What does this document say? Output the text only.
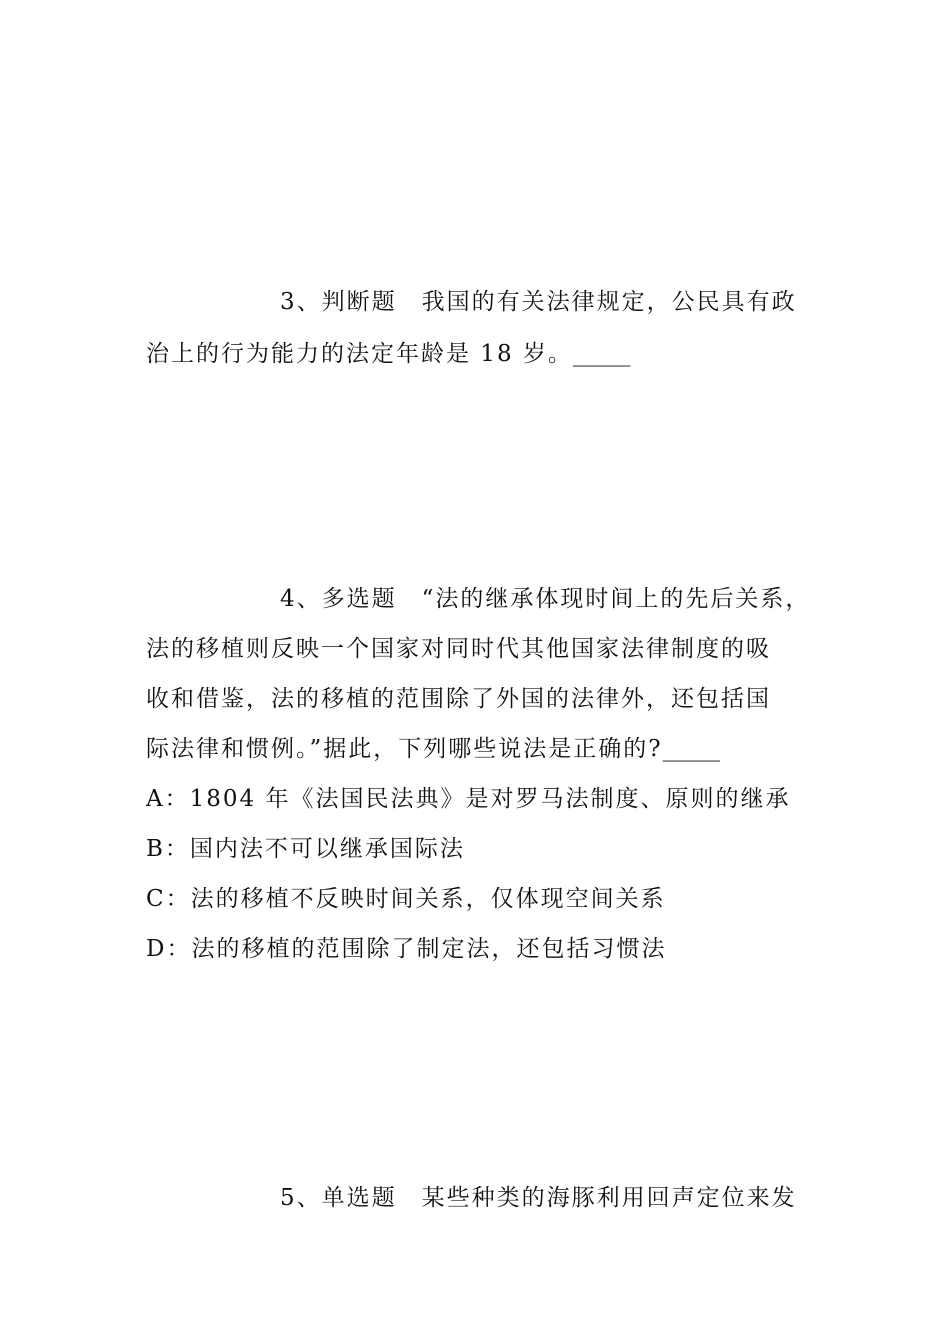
3、判断题　我国的有关法律规定，公民具有政
治上的行为能力的法定年龄是 18 岁。_____
4、多选题　“法的继承体现时间上的先后关系，
法的移植则反映一个国家对同时代其他国家法律制度的吸
收和借鉴，法的移植的范围除了外国的法律外，还包括国
际法律和惯例。”据此，下列哪些说法是正确的?_____
A：1804 年《法国民法典》是对罗马法制度、原则的继承
B：国内法不可以继承国际法
C：法的移植不反映时间关系，仅体现空间关系
D：法的移植的范围除了制定法，还包括习惯法
5、单选题　某些种类的海豚利用回声定位来发
